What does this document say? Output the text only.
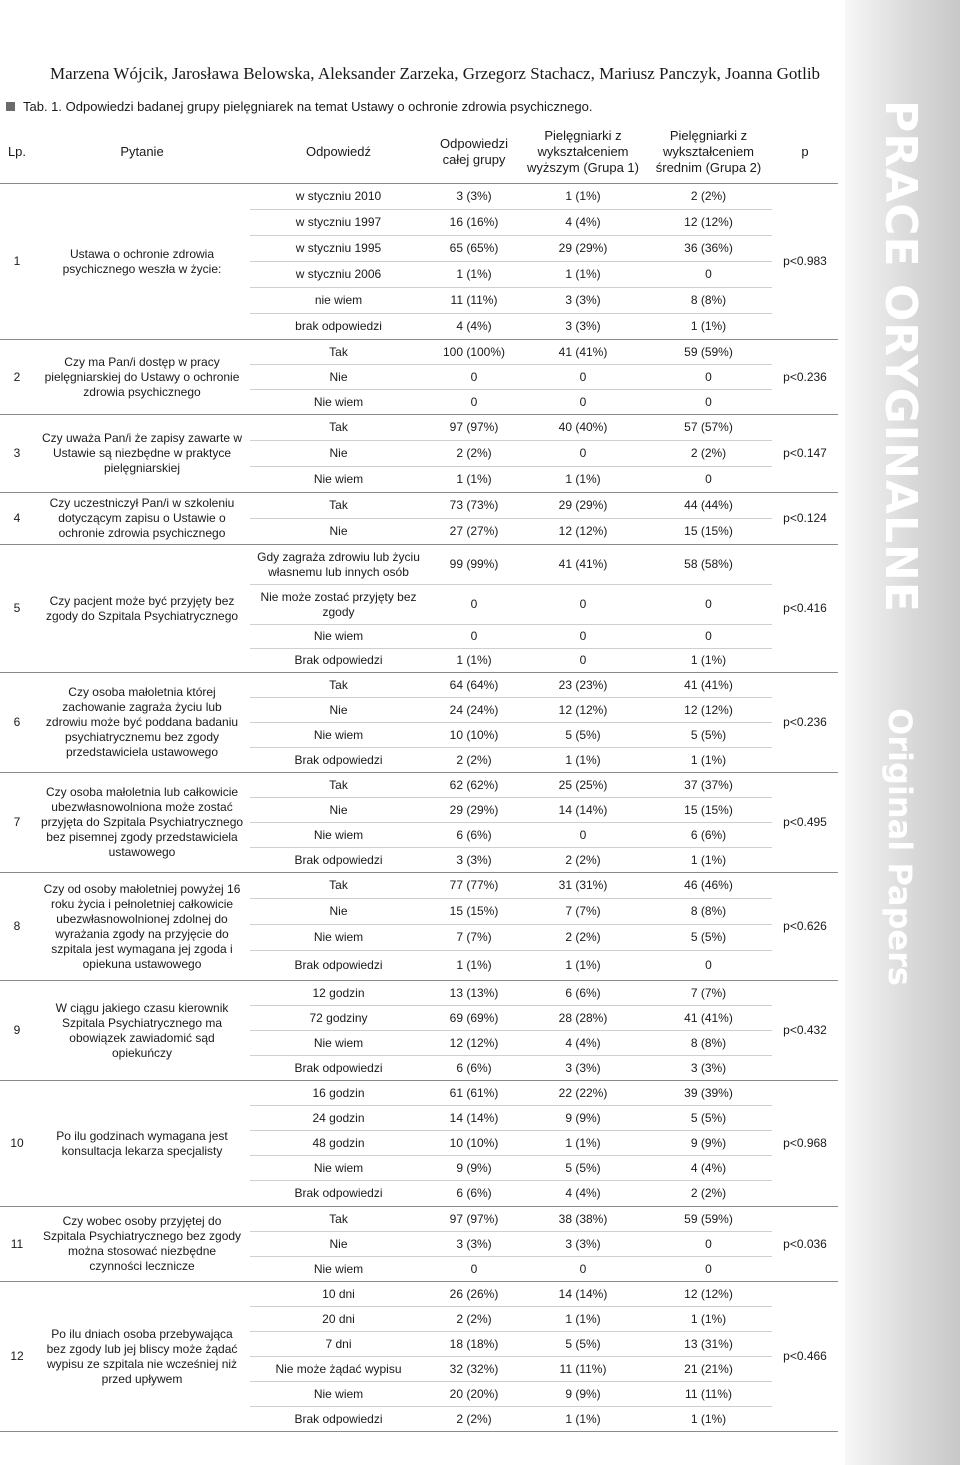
PRACE ORYGINALNE Original Papers
Marzena Wójcik, Jarosława Belowska, Aleksander Zarzeka, Grzegorz Stachacz, Mariusz Panczyk, Joanna Gotlib
Tab. 1. Odpowiedzi badanej grupy pielęgniarek na temat Ustawy o ochronie zdrowia psychicznego.
Lp.	Pytanie	Odpowiedź	Odpowiedzi całej grupy	Pielęgniarki z wykształceniem wyższym (Grupa 1)	Pielęgniarki z wykształceniem średnim (Grupa 2)	p
1	Ustawa o ochronie zdrowia psychicznego weszła w życie:	w styczniu 2010	3 (3%)	1 (1%)	2 (2%)	p<0.983
		w styczniu 1997	16 (16%)	4 (4%)	12 (12%)	
		w styczniu 1995	65 (65%)	29 (29%)	36 (36%)	
		w styczniu 2006	1 (1%)	1 (1%)	0	
		nie wiem	11 (11%)	3 (3%)	8 (8%)	
		brak odpowiedzi	4 (4%)	3 (3%)	1 (1%)	
2	Czy ma Pan/i dostęp w pracy pielęgniarskiej do Ustawy o ochronie zdrowia psychicznego	Tak	100 (100%)	41 (41%)	59 (59%)	p<0.236
		Nie	0	0	0	
		Nie wiem	0	0	0	
3	Czy uważa Pan/i że zapisy zawarte w Ustawie są niezbędne w praktyce pielęgniarskiej	Tak	97 (97%)	40 (40%)	57 (57%)	p<0.147
		Nie	2 (2%)	0	2 (2%)	
		Nie wiem	1 (1%)	1 (1%)	0	
4	Czy uczestniczył Pan/i w szkoleniu dotyczącym zapisu o Ustawie o ochronie zdrowia psychicznego	Tak	73 (73%)	29 (29%)	44 (44%)	p<0.124
		Nie	27 (27%)	12 (12%)	15 (15%)	
5	Czy pacjent może być przyjęty bez zgody do Szpitala Psychiatrycznego	Gdy zagraża zdrowiu lub życiu własnemu lub innych osób	99 (99%)	41 (41%)	58 (58%)	p<0.416
		Nie może zostać przyjęty bez zgody	0	0	0	
		Nie wiem	0	0	0	
		Brak odpowiedzi	1 (1%)	0	1 (1%)	
6	Czy osoba małoletnia której zachowanie zagraża życiu lub zdrowiu może być poddana badaniu psychiatrycznemu bez zgody przedstawiciela ustawowego	Tak	64 (64%)	23 (23%)	41 (41%)	p<0.236
		Nie	24 (24%)	12 (12%)	12 (12%)	
		Nie wiem	10 (10%)	5 (5%)	5 (5%)	
		Brak odpowiedzi	2 (2%)	1 (1%)	1 (1%)	
7	Czy osoba małoletnia lub całkowicie ubezwłasnowolniona może zostać przyjęta do Szpitala Psychiatrycznego bez pisemnej zgody przedstawiciela ustawowego	Tak	62 (62%)	25 (25%)	37 (37%)	p<0.495
		Nie	29 (29%)	14 (14%)	15 (15%)	
		Nie wiem	6 (6%)	0	6 (6%)	
		Brak odpowiedzi	3 (3%)	2 (2%)	1 (1%)	
8	Czy od osoby małoletniej powyżej 16 roku życia i pełnoletniej całkowicie ubezwłasnowolnionej zdolnej do wyrażania zgody na przyjęcie do szpitala jest wymagana jej zgoda i opiekuna ustawowego	Tak	77 (77%)	31 (31%)	46 (46%)	p<0.626
		Nie	15 (15%)	7 (7%)	8 (8%)	
		Nie wiem	7 (7%)	2 (2%)	5 (5%)	
		Brak odpowiedzi	1 (1%)	1 (1%)	0	
9	W ciągu jakiego czasu kierownik Szpitala Psychiatrycznego ma obowiązek zawiadomić sąd opiekuńczy	12 godzin	13 (13%)	6 (6%)	7 (7%)	p<0.432
		72 godziny	69 (69%)	28 (28%)	41 (41%)	
		Nie wiem	12 (12%)	4 (4%)	8 (8%)	
		Brak odpowiedzi	6 (6%)	3 (3%)	3 (3%)	
10	Po ilu godzinach wymagana jest konsultacja lekarza specjalisty	16 godzin	61 (61%)	22 (22%)	39 (39%)	p<0.968
		24 godzin	14 (14%)	9 (9%)	5 (5%)	
		48 godzin	10 (10%)	1 (1%)	9 (9%)	
		Nie wiem	9 (9%)	5 (5%)	4 (4%)	
		Brak odpowiedzi	6 (6%)	4 (4%)	2 (2%)	
11	Czy wobec osoby przyjętej do Szpitala Psychiatrycznego bez zgody można stosować niezbędne czynności lecznicze	Tak	97 (97%)	38 (38%)	59 (59%)	p<0.036
		Nie	3 (3%)	3 (3%)	0	
		Nie wiem	0	0	0	
12	Po ilu dniach osoba przebywająca bez zgody lub jej bliscy może żądać wypisu ze szpitala nie wcześniej niż przed upływem	10 dni	26 (26%)	14 (14%)	12 (12%)	p<0.466
		20 dni	2 (2%)	1 (1%)	1 (1%)	
		7 dni	18 (18%)	5 (5%)	13 (31%)	
		Nie może żądać wypisu	32 (32%)	11 (11%)	21 (21%)	
		Nie wiem	20 (20%)	9 (9%)	11 (11%)	
		Brak odpowiedzi	2 (2%)	1 (1%)	1 (1%)	
